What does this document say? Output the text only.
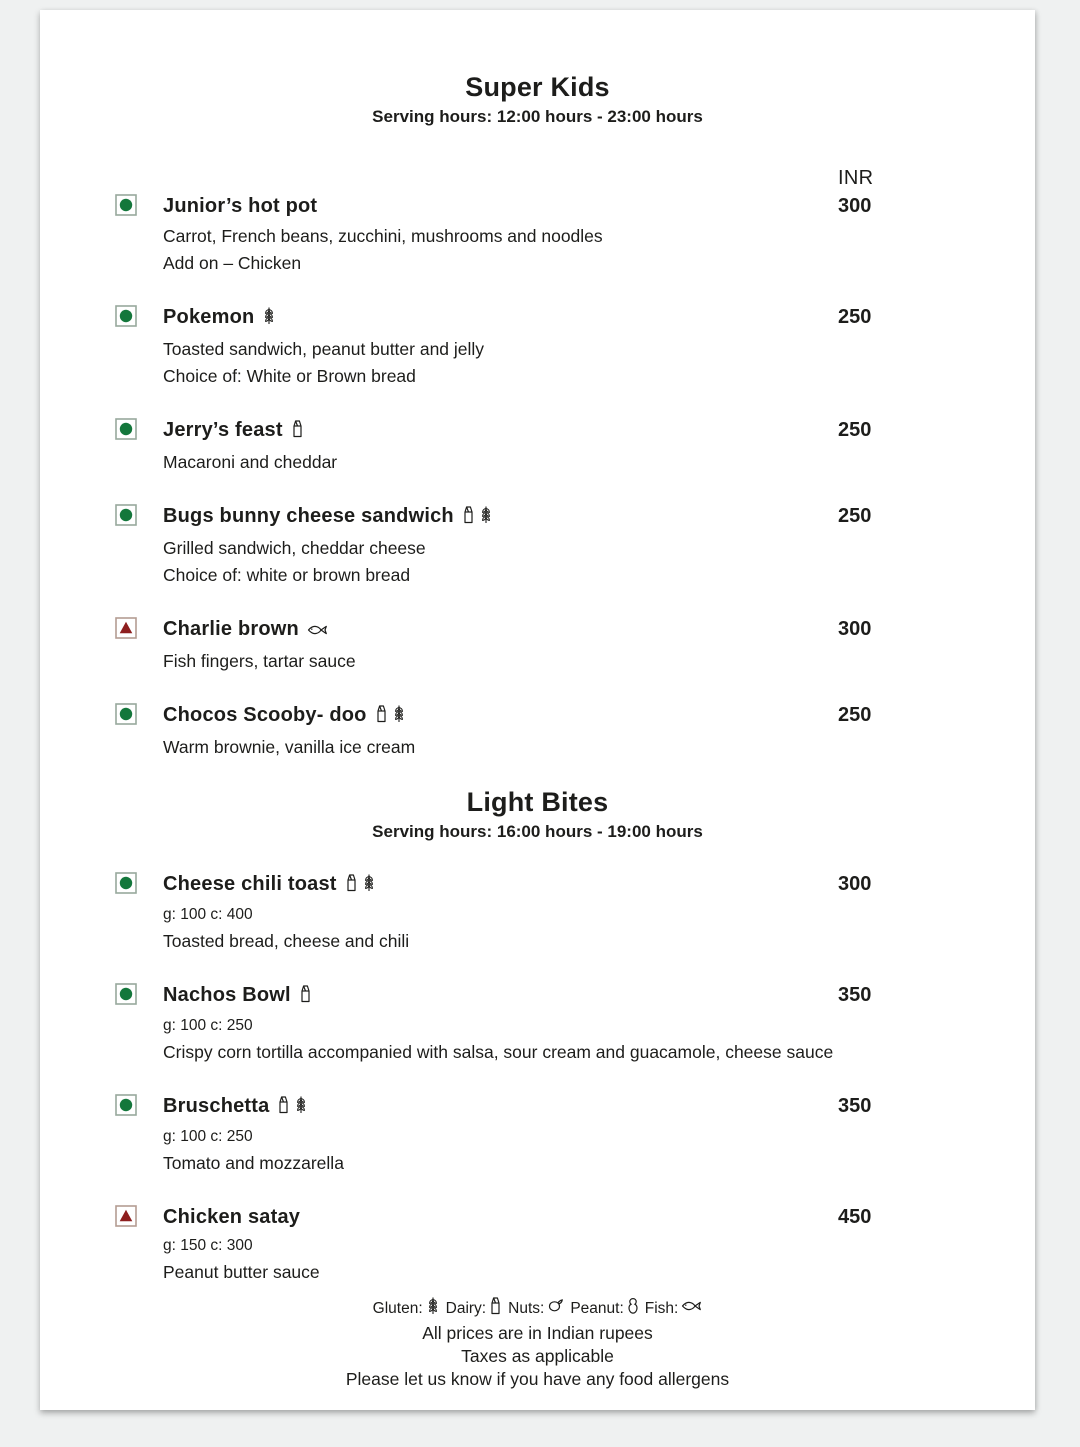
Super Kids
Serving hours: 12:00 hours - 23:00 hours
INR
Junior’s hot pot
Carrot, French beans, zucchini, mushrooms and noodles
Add on – Chicken
300
Pokemon
Toasted sandwich, peanut butter and jelly
Choice of: White or Brown bread
250
Jerry’s feast
Macaroni and cheddar
250
Bugs bunny cheese sandwich
Grilled sandwich, cheddar cheese
Choice of: white or brown bread
250
Charlie brown
Fish fingers, tartar sauce
300
Chocos Scooby- doo
Warm brownie, vanilla ice cream
250
Light Bites
Serving hours: 16:00 hours - 19:00 hours
Cheese chili toast
g: 100 c: 400
Toasted bread, cheese and chili
300
Nachos Bowl
g: 100 c: 250
Crispy corn tortilla accompanied with salsa, sour cream and guacamole, cheese sauce
350
Bruschetta
g: 100 c: 250
Tomato and mozzarella
350
Chicken satay
g: 150 c: 300
Peanut butter sauce
450
Gluten: Dairy: Nuts: Peanut: Fish:
All prices are in Indian rupees
Taxes as applicable
Please let us know if you have any food allergens
